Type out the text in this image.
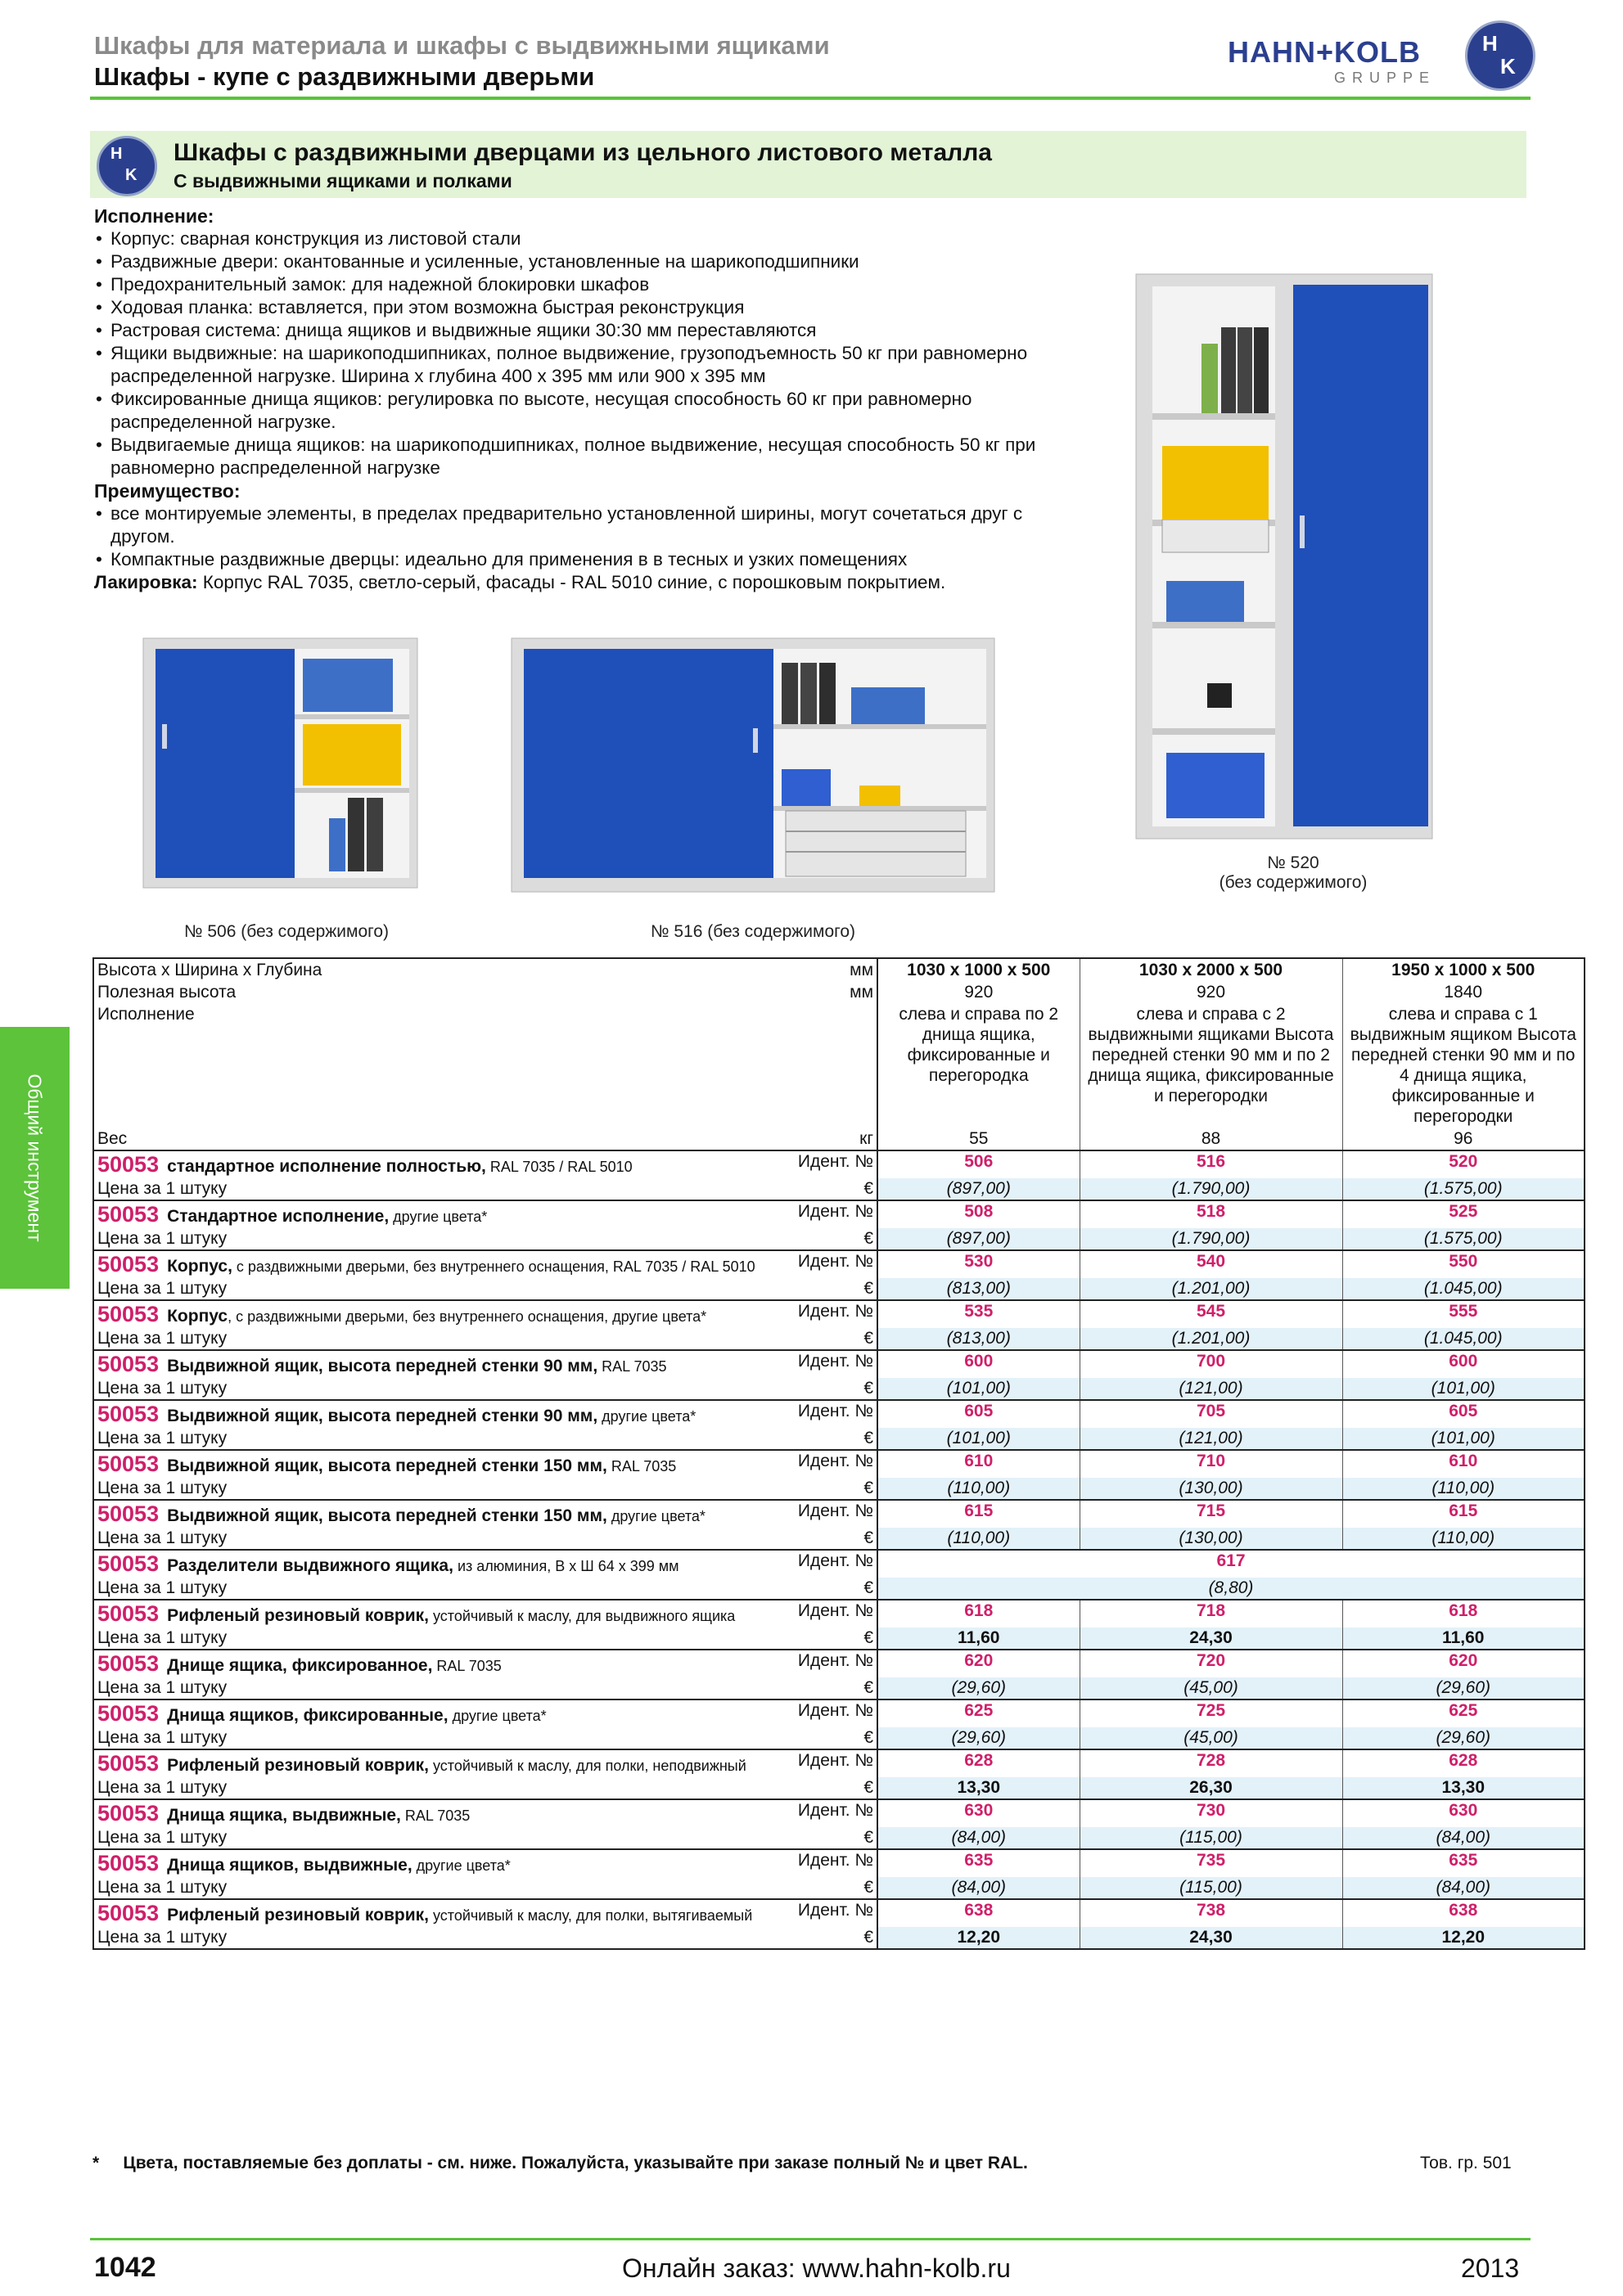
Шкафы для материала и шкафы с выдвижными ящиками
Шкафы - купе с раздвижными дверьми
HAHN+KOLB
GRUPPE
H
K
H
K
Шкафы с раздвижными дверцами из цельного листового металла
С выдвижными ящиками и полками
Исполнение:
• Корпус: сварная конструкция из листовой стали
• Раздвижные двери: окантованные и усиленные, установленные на шарикоподшипники
• Предохранительный замок: для надежной блокировки шкафов
• Ходовая планка: вставляется, при этом возможна быстрая реконструкция
• Растровая система: днища ящиков и выдвижные ящики 30:30 мм переставляются
• Ящики выдвижные: на шарикоподшипниках, полное выдвижение, грузоподъемность 50 кг при равномерно распределенной нагрузке. Ширина х глубина 400 х 395 мм или 900 х 395 мм
• Фиксированные днища ящиков: регулировка по высоте, несущая способность 60 кг при равномерно распределенной нагрузке.
• Выдвигаемые днища ящиков: на шарикоподшипниках, полное выдвижение, несущая способность 50 кг при равномерно распределенной нагрузке
Преимущество:
• все монтируемые элементы, в пределах предварительно установленной ширины, могут сочетаться друг с другом.
• Компактные раздвижные дверцы: идеально для применения в в тесных и узких помещениях

Лакировка: Корпус RAL 7035, светло-серый, фасады - RAL 5010 синие, с порошковым покрытием.

№ 520
(без содержимого)
№ 506 (без содержимого)	№ 516 (без содержимого)
Общий инструмент
Высота х Ширина х Глубина	мм	1030 x 1000 x 500	1030 x 2000 x 500	1950 x 1000 x 500
Полезная высота	мм	920	920	1840
Исполнение		слева и справа по 2 днища ящика, фиксированные и перегородка	слева и справа с 2 выдвижными ящиками Высота передней стенки 90 мм и по 2 днища ящика, фиксированные и перегородки	слева и справа с 1 выдвижным ящиком Высота передней стенки 90 мм и по 4 днища ящика, фиксированные и перегородки
Вес	кг	55	88	96

Идент. №
50053 стандартное исполнение полностью, RAL 7035 / RAL 5010		506	516	520
Цена за 1 штуку	€	(897,00)	(1.790,00)	(1.575,00)

Идент. №
50053 Стандартное исполнение, другие цвета*		508	518	525
Цена за 1 штуку	€	(897,00)	(1.790,00)	(1.575,00)

Идент. №
50053 Корпус, с раздвижными дверьми, без внутреннего оснащения, RAL 7035 / RAL 5010		530	540	550
Цена за 1 штуку	€	(813,00)	(1.201,00)	(1.045,00)

Идент. №
50053 Корпус, с раздвижными дверьми, без внутреннего оснащения, другие цвета*		535	545	555
Цена за 1 штуку	€	(813,00)	(1.201,00)	(1.045,00)

Идент. №
50053 Выдвижной ящик, высота передней стенки 90 мм, RAL 7035		600	700	600
Цена за 1 штуку	€	(101,00)	(121,00)	(101,00)

Идент. №
50053 Выдвижной ящик, высота передней стенки 90 мм, другие цвета*		605	705	605
Цена за 1 штуку	€	(101,00)	(121,00)	(101,00)

Идент. №
50053 Выдвижной ящик, высота передней стенки 150 мм, RAL 7035		610	710	610
Цена за 1 штуку	€	(110,00)	(130,00)	(110,00)

Идент. №
50053 Выдвижной ящик, высота передней стенки 150 мм, другие цвета*		615	715	615
Цена за 1 штуку	€	(110,00)	(130,00)	(110,00)

Идент. №
50053 Разделители выдвижного ящика, из алюминия, В х Ш 64 х 399 мм		617		
Цена за 1 штуку	€	(8,80)		

Идент. №
50053 Рифленый резиновый коврик, устойчивый к маслу, для выдвижного ящика		618	718	618
Цена за 1 штуку	€	11,60	24,30	11,60

Идент. №
50053 Днище ящика, фиксированное, RAL 7035		620	720	620
Цена за 1 штуку	€	(29,60)	(45,00)	(29,60)

Идент. №
50053 Днища ящиков, фиксированные, другие цвета*		625	725	625
Цена за 1 штуку	€	(29,60)	(45,00)	(29,60)

Идент. №
50053 Рифленый резиновый коврик, устойчивый к маслу, для полки, неподвижный		628	728	628
Цена за 1 штуку	€	13,30	26,30	13,30

Идент. №
50053 Днища ящика, выдвижные, RAL 7035		630	730	630
Цена за 1 штуку	€	(84,00)	(115,00)	(84,00)

Идент. №
50053 Днища ящиков, выдвижные, другие цвета*		635	735	635
Цена за 1 штуку	€	(84,00)	(115,00)	(84,00)

Идент. №
50053 Рифленый резиновый коврик, устойчивый к маслу, для полки, вытягиваемый		638	738	638
Цена за 1 штуку	€	12,20	24,30	12,20
* Цвета, поставляемые без доплаты - см. ниже. Пожалуйста, указывайте при заказе полный № и цвет RAL.	Тов. гр. 501
1042	Онлайн заказ: www.hahn-kolb.ru	2013
